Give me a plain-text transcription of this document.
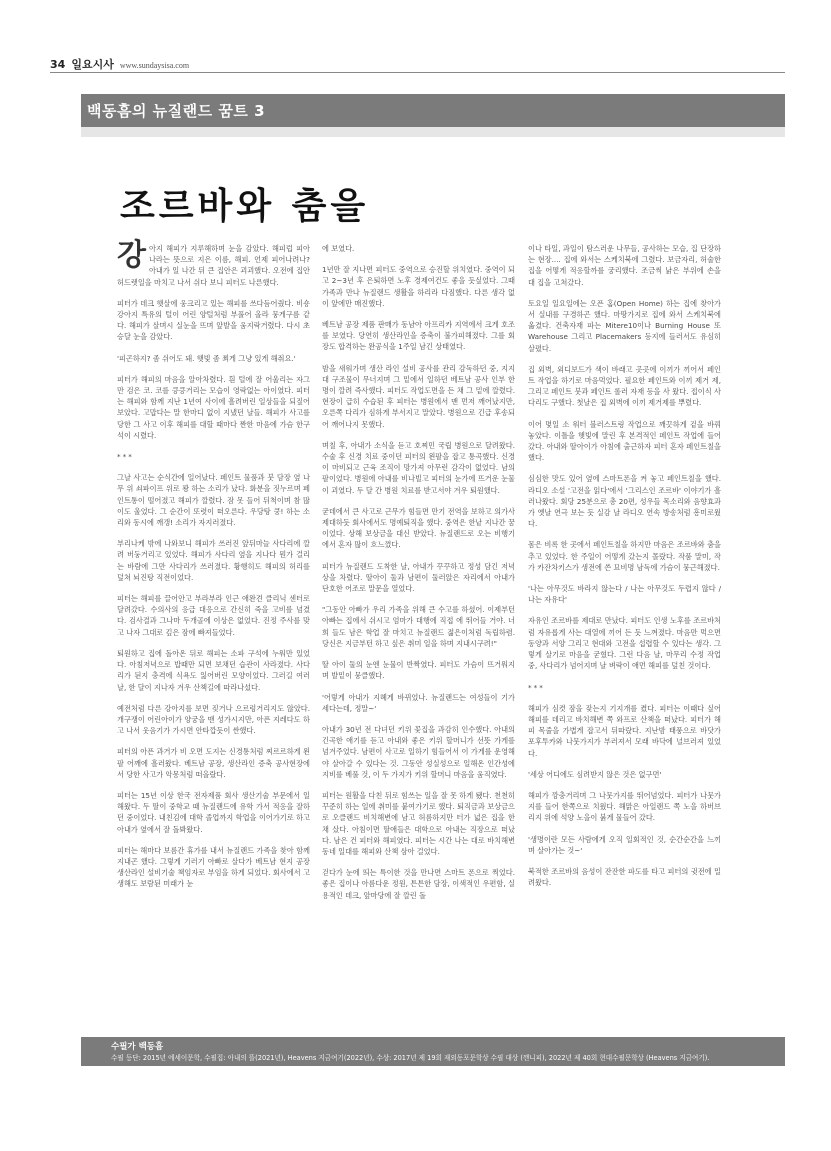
34 일요시사 www.sundaysisa.com
백동흠의 뉴질랜드 꿈트 3
조르바와 춤을

강아지 해피가 지루해하며 눈을 감았다. 해피럽 피아나라는 뜻으로 지은 이름, 해피. 언제 피어나려나? 아내가 일 나간 뒤 큰 집안은 괴괴했다. 오전에 집안 허드렛일을 마치고 나서 쉬다 보니 피터도 나른했다.

피터가 데크 햇살에 웅크리고 있는 해피를 쓰다듬어줬다. 비숑 강아지 특유의 털이 어린 양털처럼 부풀어 올라 뭉게구름 같다. 해피가 살며시 실눈을 뜨며 앞발을 움지락거렸다. 다시 초승달 눈을 감았다.

'피곤하지? 좀 쉬어도 돼. 햇빛 좀 쬐게 그냥 있게 해줘요.'

피터가 해피의 마음을 알아차렸다. 흰 털에 잘 어울리는 자그만 검은 코. 코를 킁킁거리는 모습이 영락없는 아이였다. 피터는 해피와 함께 지난 1년여 사이에 흘려버린 일상들을 되짚어 보았다. 고맙다는 말 한마디 없이 지냈던 날들. 해피가 사고를 당한 그 사고 이후 해피를 대할 때마다 짠한 마음에 가슴 한구석이 시렸다.

***

그날 사고는 순식간에 일어났다. 페인트 물품과 붓 담장 옆 나무 위 쇠파이프 위로 꽝 하는 소리가 났다. 화분을 짓누르며 페인트통이 떨어졌고 해피가 깔렸다. 잠 못 들어 뒤척이며 참 많이도 울었다. 그 순간이 또렷이 떠오른다. 우당탕 쿵! 하는 소리와 동시에 깨갱! 소리가 자지러졌다.

부리나케 밖에 나와보니 해피가 쓰러진 앞뒤마늘 사다리에 깔려 버둥거리고 있었다. 해피가 사다리 옆을 지나다 뭔가 걸리는 바람에 그만 사다리가 쓰러졌다. 황행히도 해피의 허리를 덮쳐 뇌진탕 직전이었다.

피터는 해피를 끌어안고 부라부라 인근 애완견 클리닉 센터로 달려갔다. 수의사의 응급 대응으로 간신히 죽을 고비를 넘겼다. 검사결과 그나마 두개골에 이상은 없었다. 진정 주사를 맞고 나자 그대로 깊은 잠에 빠져들었다.

퇴원하고 집에 돌아온 뒤로 해피는 소파 구석에 누워만 있었다. 아침저녁으로 밥때만 되면 보채던 습관이 사라졌다. 사다리가 된지 충격에 식욕도 잃어버린 모양이었다. 그러길 여러 날, 한 달이 지나자 겨우 산책길에 따라나섰다.

예전처럼 다른 강아지를 보면 짖거나 으르렁거리지도 않았다. 개구쟁이 어린아이가 양궁을 맨 성가시지만, 아픈 지레다도 하고 나서 웃음기가 가시면 안타깝듯이 싼했다.

피터의 아픈 과거가 비 오면 도지는 신경통처럼 찌르르하게 왼 팔 어깨에 흘러왔다. 베트남 공장, 생산라인 증축 공사현장에서 당한 사고가 악몽처럼 떠올랐다.

피터는 15년 이상 한국 전자제품 회사 생산기술 부문에서 일해왔다. 두 딸이 중학교 때 뉴질랜드에 유학 가서 적응을 잘하던 중이었다. 내친김에 대학 졸업까지 학업을 이어가기로 하고 아내가 옆에서 잘 돌봐왔다.

피터는 해마다 보름간 휴가를 내서 뉴질랜드 가족을 찾아 함께 지내곤 했다. 그렇게 기러기 아빠로 살다가 베트남 현지 공장 생산라인 설비기술 책임자로 부임을 하게 되었다. 회사에서 고생해도 보람된 미래가 눈

에 보였다.

1년만 잘 지나면 피터도 중역으로 승진할 위치였다. 중역이 되고 2~3년 후 은퇴하면 노후 경제여건도 좋을 듯싶었다. 그때 가족과 만나 뉴질랜드 생활을 하리라 다짐했다. 다른 생각 없이 앞에만 매진했다.

베트남 공장 제품 판매가 동남아 아프리카 지역에서 크게 호조를 보였다. 당연히 생산라인을 증축이 불가피해졌다. 그를 회장도 합격하는 완공식을 1주일 남긴 상태였다.

밤을 새워가며 생산 라인 설비 공사를 관리 감독하던 중, 지지대 구조물이 무너지며 그 밑에서 일하던 베트남 공사 인부 한 명이 깔려 즉사했다. 피터도 작업도면을 든 채 그 밑에 깔렸다. 현장이 급히 수습된 후 피터는 병원에서 맨 먼저 깨어났지만, 오른쪽 다리가 심하게 부서지고 말았다. 병원으로 긴급 후송되어 깨어나지 못했다.

며칠 후, 아내가 소식을 듣고 호찌민 국립 병원으로 달려왔다. 수술 후 신경 치료 중이던 피터의 왼팔을 잡고 통곡했다. 신경이 마비되고 근육 조직이 망가져 아무런 감각이 없었다. 남의 팔이었다. 병원에 아내를 비나빌고 피터의 눈가에 뜨거운 눈물이 괴였다. 두 달 간 병원 치료를 받고서야 겨우 퇴원했다.

굳데에서 큰 사고로 근무가 힘들면 만기 전역을 보하고 의가사 제대하듯 회사에서도 명예퇴직을 했다. 중역은 한낱 지나간 꿈이었다. 상해 보상금을 대신 받았다. 뉴질랜드로 오는 비행기에서 혼자 많이 흐느꼈다.

피터가 뉴질랜드 도착한 날, 아내가 꾸꾸하고 정성 담긴 저녁상을 차렸다. 딸아이 둘과 남편이 둘러앉은 자리에서 아내가 단호한 어조로 말문을 열었다.

"그동안 아빠가 우리 가족을 위해 큰 수고를 하셨어. 이제부턴 아빠는 집에서 쉬시고 엄마가 대행에 직접 에 뛰어들 거야. 너희 들도 남은 학업 잘 마치고 뉴질랜드 젊은이처럼 독립하렴. 당신은 지금부턴 하고 싶은 취미 일을 하며 지내시구려!"

딸 아이 둘의 눈엔 눈물이 반짝였다. 피터도 가슴이 뜨거워지며 발밑이 뭉클했다.

'어렇게 아내가 지혜게 바뀌었나. 뉴질랜드는 여성들이 기가 세다는데, 정말~'

아내가 30년 전 다녀던 키위 꽃집을 과감히 인수했다. 아내의 긴곡한 애기를 듣고 아내와 좋은 키위 할머니가 선뜻 가게를 넘겨주었다. 남편이 사고로 일하기 힘들어서 이 가게를 운영해야 살아갈 수 있다는 것. 그동안 성실성으로 일해온 인간성에 지비를 베풀 것, 이 두 가지가 키위 할머니 마음을 움직였다.

피터는 원활을 다친 뒤로 힘쓰는 일을 잘 못 하게 됐다. 천천히 꾸준히 하는 일에 취미를 붙여가기로 했다. 퇴직금과 보상금으로 오클랜드 비치해변에 남고 허름하지만 터가 넓은 집을 한 채 샀다. 아침이면 딸애들은 대학으로 아내는 직장으로 떠났다. 남은 건 피터와 해피였다. 피터는 시간 나는 대로 바치해변 동네 일대를 해피와 산책 삼아 걸었다.

걷다가 눈에 띄는 특이한 것을 만나면 스마트 폰으로 찍었다. 좋은 집이나 아름다운 정원, 튼튼한 담장, 이색적인 우편함, 실용적인 데크, 앞마당에 잘 깔린 돌

이나 타일, 과일이 탐스러운 나무들, 공사하는 모습, 집 단장하는 현장.... 집에 와서는 스케치북에 그렸다. 보금자리, 허술한 집을 어떻게 적응할까를 궁리했다. 조금씩 낡은 부위에 손을 대 집을 고쳐갔다.

토요일 일요일에는 오픈 홈(Open Home) 하는 집에 찾아가서 실내를 구경하곤 했다. 마땅가지로 집에 와서 스케치북에 옮겼다. 건축자재 파는 Mitere10이나 Burning House 또 Warehouse 그리고 Placemakers 등지에 들러서도 유심히 살폈다.

집 외벽, 외디보드가 색이 바래고 곳곳에 이끼가 끼어서 페인트 작업을 하기로 마음먹었다. 필요한 페인트와 이끼 제거 제, 그리고 페인트 붓과 페인트 롤러 자재 등을 사 왔다. 접이식 사다리도 구했다. 첫날은 집 외벽에 이끼 제거제를 뿌렸다.

이어 몇일 소 워터 블러스트링 작업으로 깨끗하게 겉을 바꿔 놓았다. 이틀을 햇빛에 말린 후 본격적인 페인트 작업에 들어갔다. 아내와 딸아이가 아침에 출근하자 피터 혼자 페인트칠을 했다.

심심한 맛도 있어 옆에 스마트폰을 켜 놓고 페인트칠을 했다. 라디오 소설 '고전을 읽다'에서 '그리스인 조르바' 이야기가 흘러나왔다. 회당 25분으로 총 20편, 성우들 목소리와 음향효과가 옛날 연극 보는 듯 실감 날 라디오 연속 방송처럼 흥미로웠다.

몸은 비록 한 곳에서 페인트칠을 하지만 마음은 조르바와 춤을 추고 있었다. 한 주일이 어떻게 갔는지 몰랐다. 작품 말미, 작가 카잔차키스가 생전에 쓴 묘비명 남독에 가슴이 뭉근해졌다.

'나는 아무것도 바라지 않는다 / 나는 아무것도 두렵지 않다 / 나는 자유다'

자유인 조르바를 제대로 만났다. 피터도 인생 노후를 조르바처럼 자유롭게 사는 대열에 끼어 든 듯 느껴졌다. 마음만 먹으면 동양과 서양 그리고 현대와 고전을 섭렵할 수 있다는 생각. 그렇게 살기로 마음을 굳혔다. 그런 다음 날, 마무리 수정 작업 중, 사다리가 넘어지며 날 벼락이 애먼 해피를 덮친 것이다.

***

해피가 심켯 잠을 잦는지 기지개를 켰다. 피터는 이때다 싶어 해피를 데리고 바치해변 쪽 와프로 산책을 떠났다. 피터가 해피 목줄을 가볍게 잡고서 뒤따랐다. 지난밤 태풍으로 바닷가 포후투카와 나뭇가지가 부러져서 모래 바닥에 널브러져 있었다.

'세상 어디에도 심려받지 않은 것은 없구먼'

해피가 깡충거리며 그 나뭇가지를 뛰어넘었다. 피터가 나뭇가지를 들어 한쪽으로 치웠다. 해맑은 아일랜드 쪽 노을 하버브리지 위에 석양 노을이 붉게 물들어 갔다.

'생명이란 모든 사람에게 오직 일회적인 것, 순간순간을 느끼며 살아가는 것~'

북적한 조르바의 음성이 잔잔한 파도를 타고 피터의 귓전에 밀려왔다.

수필가 백동흠
수필 등단: 2015년 에세이문학, 수필집: 아내의 뜰(2021년), Heavens 지금여기(2022년), 수상: 2017년 제 19회 재외동포문학상 수필 대상 (깬니피), 2022년 제 40회 현대수필문학상 (Heavens 지금여기).
